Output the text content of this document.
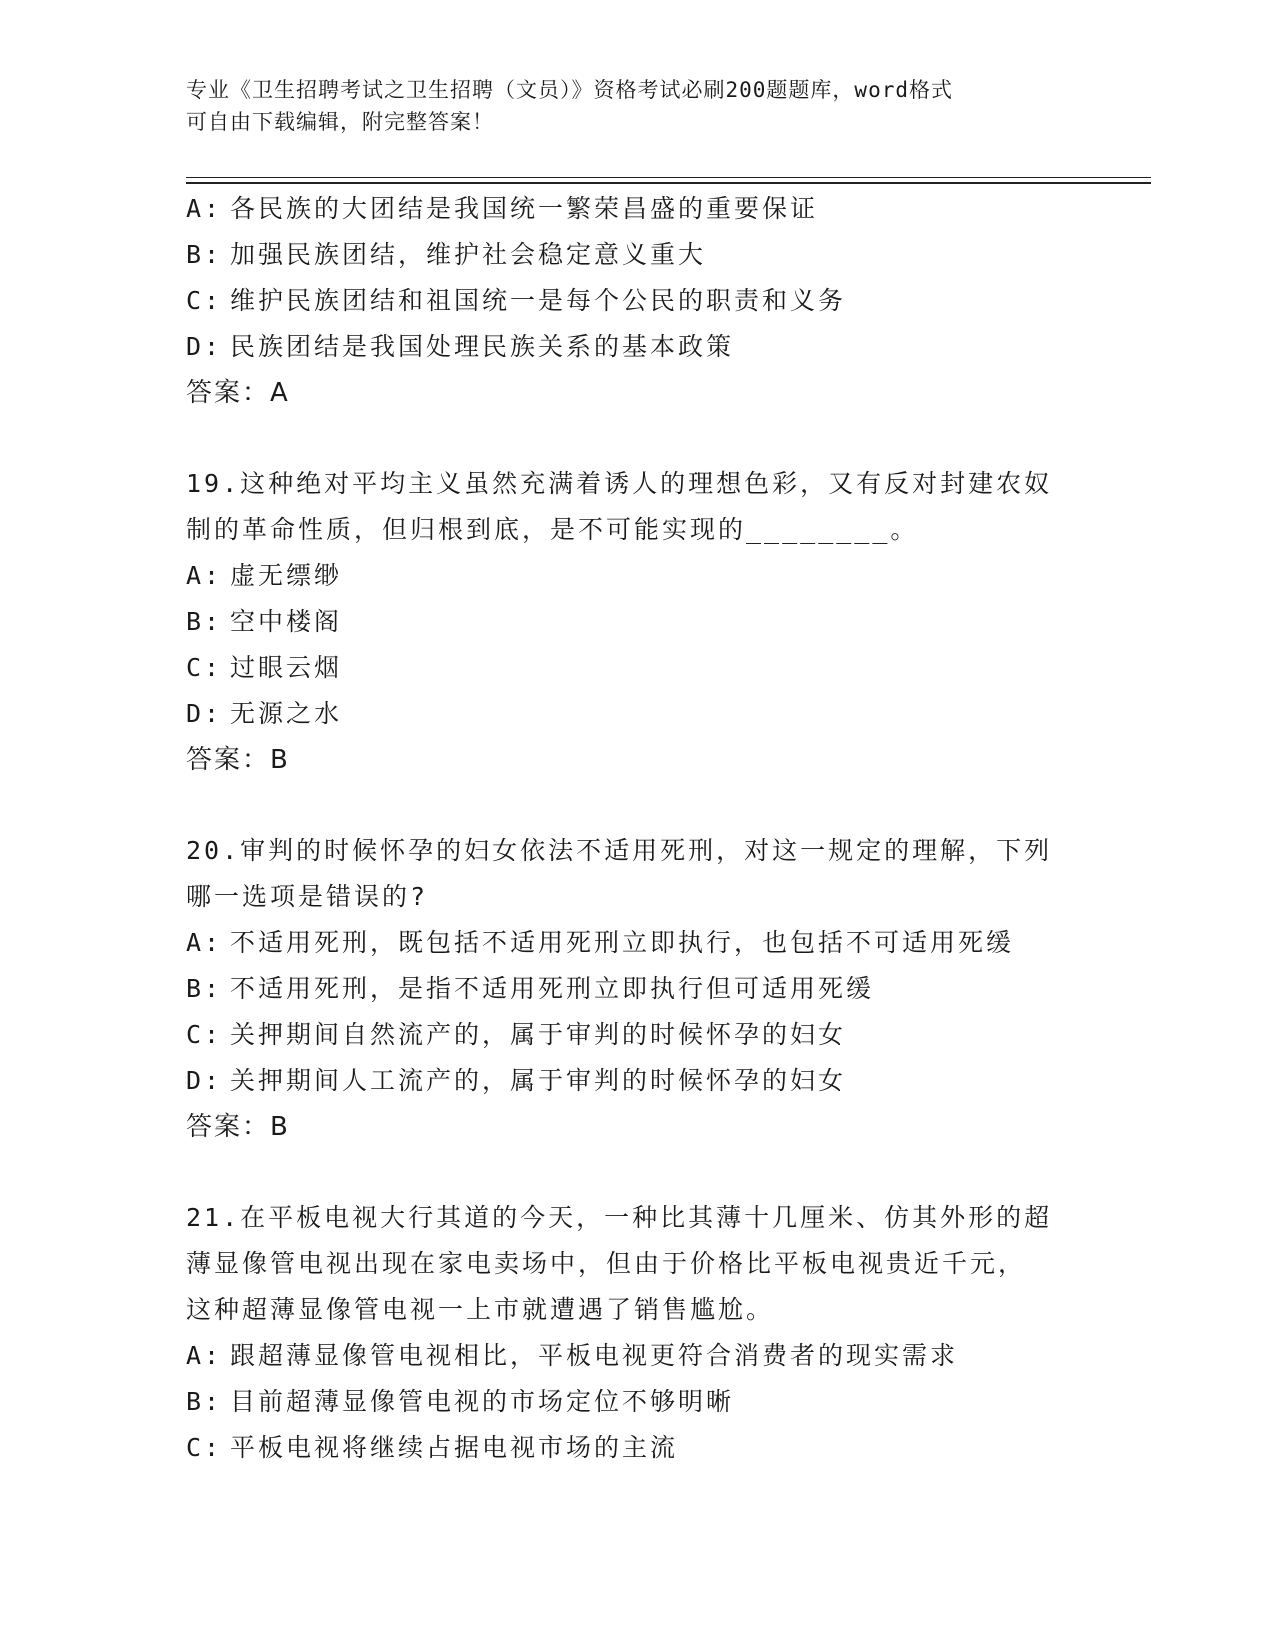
专业《卫生招聘考试之卫生招聘（文员）》资格考试必刷200题题库，word格式
可自由下载编辑，附完整答案！
A: 各民族的大团结是我国统一繁荣昌盛的重要保证
B: 加强民族团结，维护社会稳定意义重大
C: 维护民族团结和祖国统一是每个公民的职责和义务
D: 民族团结是我国处理民族关系的基本政策
答案：A
19.这种绝对平均主义虽然充满着诱人的理想色彩，又有反对封建农奴
制的革命性质，但归根到底，是不可能实现的________。
A: 虚无缥缈
B: 空中楼阁
C: 过眼云烟
D: 无源之水
答案：B
20.审判的时候怀孕的妇女依法不适用死刑，对这一规定的理解，下列
哪一选项是错误的?
A: 不适用死刑，既包括不适用死刑立即执行，也包括不可适用死缓
B: 不适用死刑，是指不适用死刑立即执行但可适用死缓
C: 关押期间自然流产的，属于审判的时候怀孕的妇女
D: 关押期间人工流产的，属于审判的时候怀孕的妇女
答案：B
21.在平板电视大行其道的今天，一种比其薄十几厘米、仿其外形的超
薄显像管电视出现在家电卖场中，但由于价格比平板电视贵近千元，
这种超薄显像管电视一上市就遭遇了销售尴尬。
A: 跟超薄显像管电视相比，平板电视更符合消费者的现实需求
B: 目前超薄显像管电视的市场定位不够明晰
C: 平板电视将继续占据电视市场的主流
